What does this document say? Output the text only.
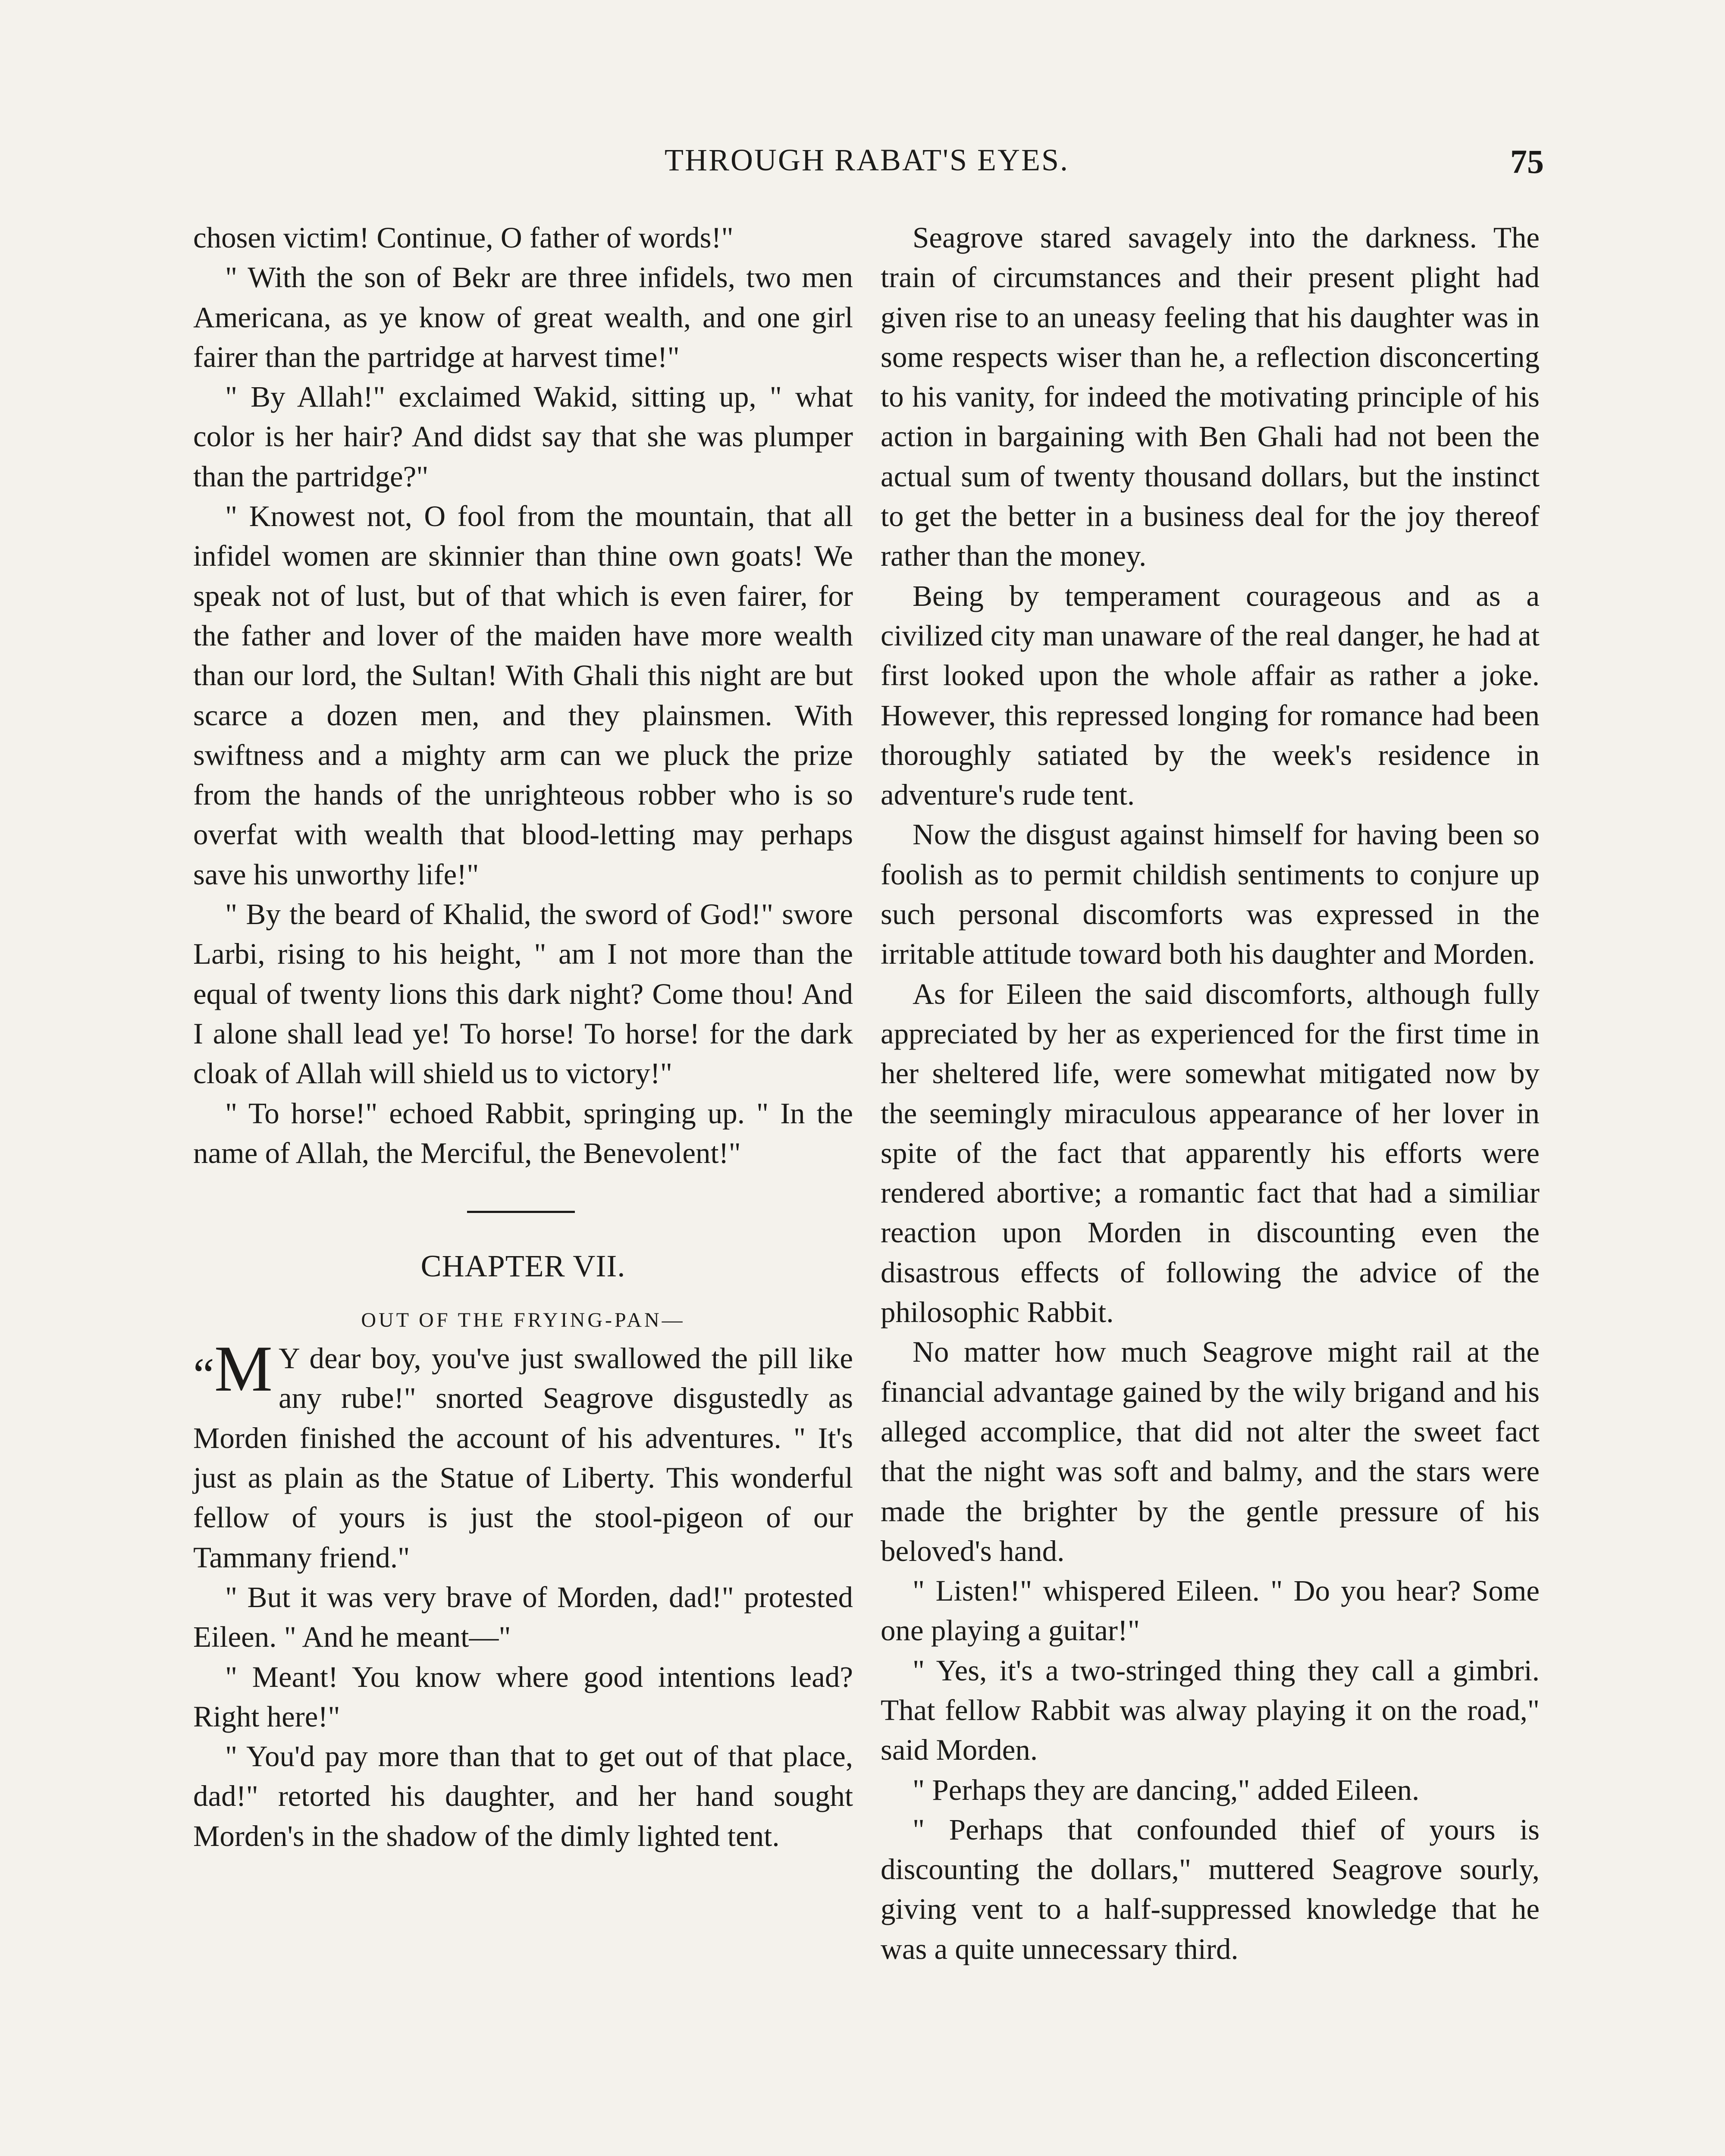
THROUGH RABAT'S EYES.	75

chosen victim! Continue, O father of words!"

" With the son of Bekr are three infidels, two men Americana, as ye know of great wealth, and one girl fairer than the partridge at harvest time!"

" By Allah!" exclaimed Wakid, sitting up, " what color is her hair? And didst say that she was plumper than the partridge?"

" Knowest not, O fool from the mountain, that all infidel women are skinnier than thine own goats! We speak not of lust, but of that which is even fairer, for the father and lover of the maiden have more wealth than our lord, the Sultan! With Ghali this night are but scarce a dozen men, and they plainsmen. With swiftness and a mighty arm can we pluck the prize from the hands of the unrighteous robber who is so overfat with wealth that blood-letting may perhaps save his unworthy life!"

" By the beard of Khalid, the sword of God!" swore Larbi, rising to his height, " am I not more than the equal of twenty lions this dark night? Come thou! And I alone shall lead ye! To horse! To horse! for the dark cloak of Allah will shield us to victory!"

" To horse!" echoed Rabbit, springing up. " In the name of Allah, the Merciful, the Benevolent!"

CHAPTER VII.
OUT OF THE FRYING-PAN—

“M Y dear boy, you've just swallowed the pill like any rube!" snorted Seagrove disgustedly as Morden finished the account of his adventures. " It's just as plain as the Statue of Liberty. This wonderful fellow of yours is just the stool-pigeon of our Tammany friend."

" But it was very brave of Morden, dad!" protested Eileen. " And he meant—"

" Meant! You know where good intentions lead? Right here!"

" You'd pay more than that to get out of that place, dad!" retorted his daughter, and her hand sought Morden's in the shadow of the dimly lighted tent.

Seagrove stared savagely into the darkness. The train of circumstances and their present plight had given rise to an uneasy feeling that his daughter was in some respects wiser than he, a reflection disconcerting to his vanity, for indeed the motivating principle of his action in bargaining with Ben Ghali had not been the actual sum of twenty thousand dollars, but the instinct to get the better in a business deal for the joy thereof rather than the money.

Being by temperament courageous and as a civilized city man unaware of the real danger, he had at first looked upon the whole affair as rather a joke. However, this repressed longing for romance had been thoroughly satiated by the week's residence in adventure's rude tent.

Now the disgust against himself for having been so foolish as to permit childish sentiments to conjure up such personal discomforts was expressed in the irritable attitude toward both his daughter and Morden.

As for Eileen the said discomforts, although fully appreciated by her as experienced for the first time in her sheltered life, were somewhat mitigated now by the seemingly miraculous appearance of her lover in spite of the fact that apparently his efforts were rendered abortive; a romantic fact that had a similiar reaction upon Morden in discounting even the disastrous effects of following the advice of the philosophic Rabbit.

No matter how much Seagrove might rail at the financial advantage gained by the wily brigand and his alleged accomplice, that did not alter the sweet fact that the night was soft and balmy, and the stars were made the brighter by the gentle pressure of his beloved's hand.

" Listen!" whispered Eileen. " Do you hear? Some one playing a guitar!"

" Yes, it's a two-stringed thing they call a gimbri. That fellow Rabbit was alway playing it on the road," said Morden.

" Perhaps they are dancing," added Eileen.

" Perhaps that confounded thief of yours is discounting the dollars," muttered Seagrove sourly, giving vent to a half-suppressed knowledge that he was a quite unnecessary third.
